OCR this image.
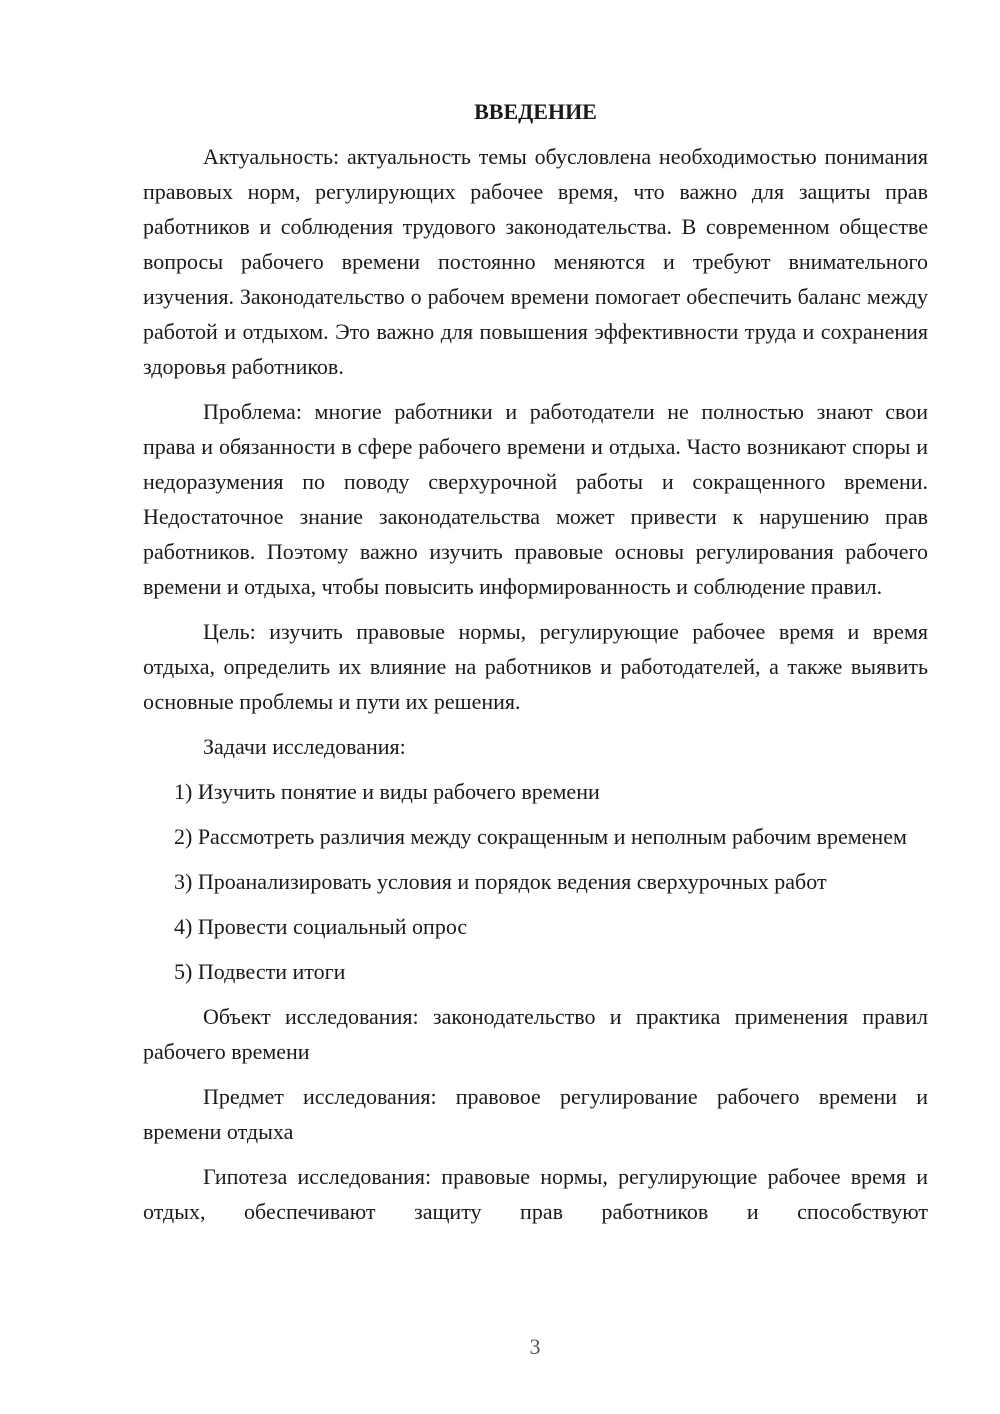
ВВЕДЕНИЕ

Актуальность: актуальность темы обусловлена необходимостью понимания правовых норм, регулирующих рабочее время, что важно для защиты прав работников и соблюдения трудового законодательства. В современном обществе вопросы рабочего времени постоянно меняются и требуют внимательного изучения. Законодательство о рабочем времени помогает обеспечить баланс между работой и отдыхом. Это важно для повышения эффективности труда и сохранения здоровья работников.

Проблема: многие работники и работодатели не полностью знают свои права и обязанности в сфере рабочего времени и отдыха. Часто возникают споры и недоразумения по поводу сверхурочной работы и сокращенного времени. Недостаточное знание законодательства может привести к нарушению прав работников. Поэтому важно изучить правовые основы регулирования рабочего времени и отдыха, чтобы повысить информированность и соблюдение правил.

Цель: изучить правовые нормы, регулирующие рабочее время и время отдыха, определить их влияние на работников и работодателей, а также выявить основные проблемы и пути их решения.

Задачи исследования:

1) Изучить понятие и виды рабочего времени

2) Рассмотреть различия между сокращенным и неполным рабочим временем

3) Проанализировать условия и порядок ведения сверхурочных работ

4) Провести социальный опрос

5) Подвести итоги

Объект исследования: законодательство и практика применения правил рабочего времени

Предмет исследования: правовое регулирование рабочего времени и времени отдыха

Гипотеза исследования: правовые нормы, регулирующие рабочее время и отдых, обеспечивают защиту прав работников и способствуют

3
